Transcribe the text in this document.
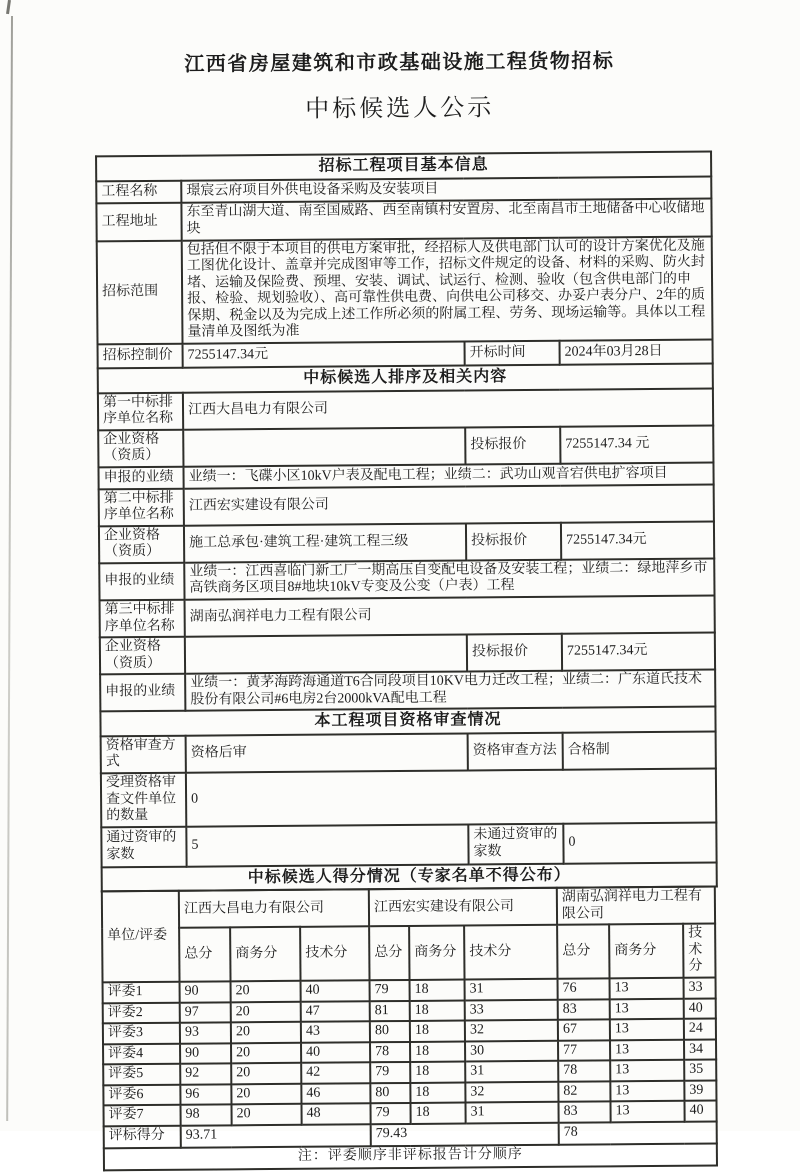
江西省房屋建筑和市政基础设施工程货物招标
中标候选人公示
招标工程项目基本信息			
工程名称	璟宸云府项目外供电设备采购及安装项目		
工程地址	东至青山湖大道、南至国威路、西至南镇村安置房、北至南昌市土地储备中心收储地块		
招标范围	包括但不限于本项目的供电方案审批，经招标人及供电部门认可的设计方案优化及施工图优化设计、盖章并完成图审等工作，招标文件规定的设备、材料的采购、防火封堵、运输及保险费、预埋、安装、调试、试运行、检测、验收（包含供电部门的申报、检验、规划验收）、高可靠性供电费、向供电公司移交、办妥户表分户、2年的质保期、税金以及为完成上述工作所必须的附属工程、劳务、现场运输等。具体以工程量清单及图纸为准		
招标控制价	7255147.34元	开标时间	2024年03月28日
中标候选人排序及相关内容			
第一中标排序单位名称	江西大昌电力有限公司		
企业资格（资质）		投标报价	7255147.34 元
申报的业绩	业绩一：飞碟小区10kV户表及配电工程；业绩二：武功山观音宕供电扩容项目		
第二中标排序单位名称	江西宏实建设有限公司		
企业资格（资质）	施工总承包·建筑工程·建筑工程三级	投标报价	7255147.34元
申报的业绩	业绩一：江西喜临门新工厂一期高压自变配电设备及安装工程；业绩二：绿地萍乡市高铁商务区项目8#地块10kV专变及公变（户表）工程		
第三中标排序单位名称	湖南弘润祥电力工程有限公司		
企业资格（资质）		投标报价	7255147.34元
申报的业绩	业绩一：黄茅海跨海通道T6合同段项目10KV电力迁改工程；业绩二：广东道氏技术股份有限公司#6电房2台2000kVA配电工程		
本工程项目资格审查情况			
资格审查方式	资格后审	资格审查方法	合格制
受理资格审查文件单位的数量	0		
通过资审的家数	5	未通过资审的家数	0
中标候选人得分情况（专家名单不得公布）			
单位/评委	江西大昌电力有限公司			江西宏实建设有限公司			湖南弘润祥电力工程有限公司		
	总分	商务分	技术分	总分	商务分	技术分	总分	商务分	技术分
评委1	90	20	40	79	18	31	76	13	33
评委2	97	20	47	81	18	33	83	13	40
评委3	93	20	43	80	18	32	67	13	24
评委4	90	20	40	78	18	30	77	13	34
评委5	92	20	42	79	18	31	78	13	35
评委6	96	20	46	80	18	32	82	13	39
评委7	98	20	48	79	18	31	83	13	40
评标得分	93.71			79.43			78		
注：评委顺序非评标报告计分顺序									
